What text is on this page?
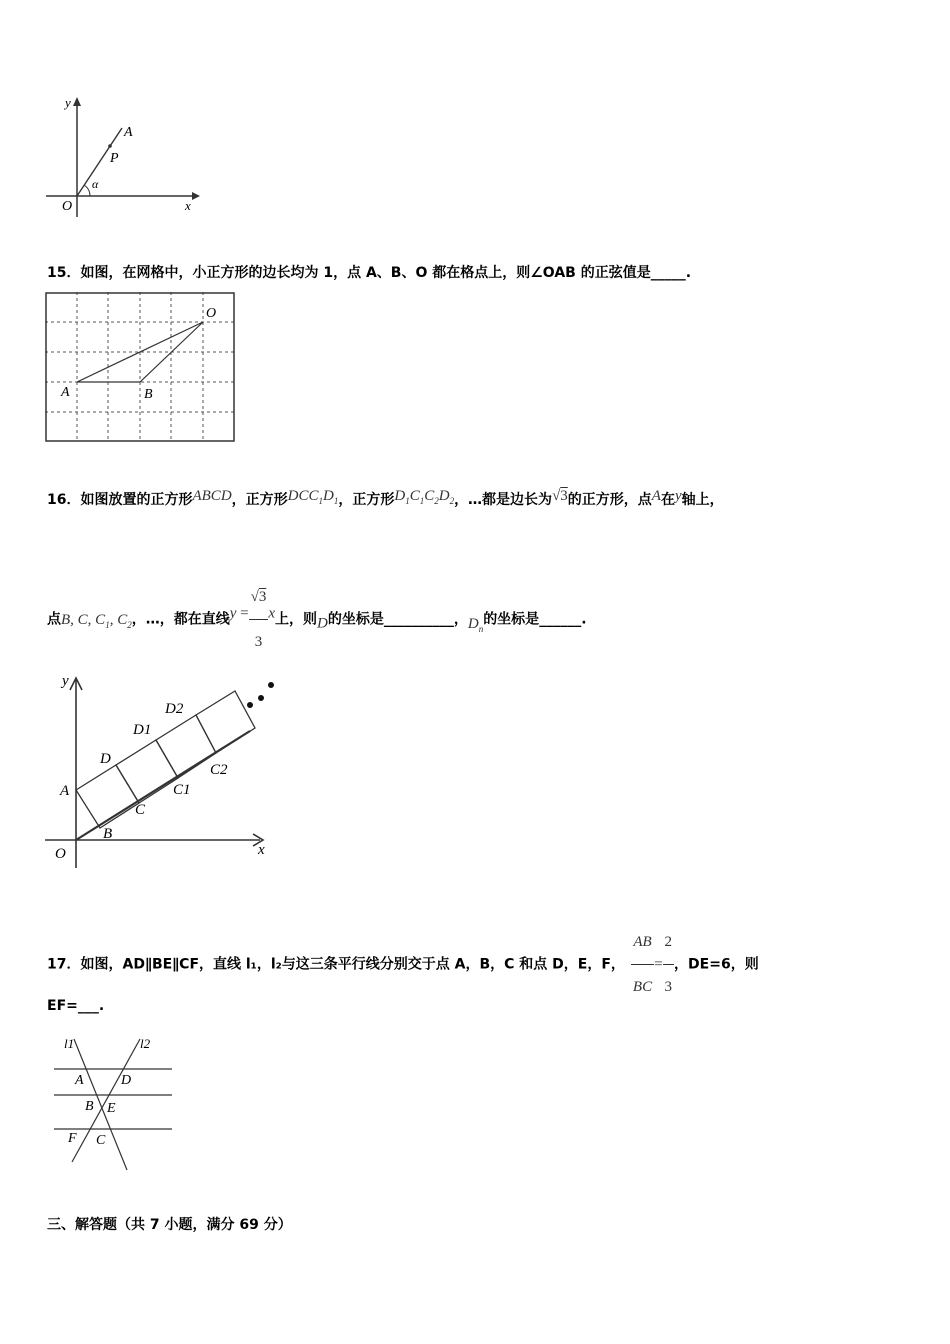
y
A
P
α
O	x
15．如图，在网格中，小正方形的边长均为 1，点 A、B、O 都在格点上，则∠OAB 的正弦值是_____.
O
A	B
16．如图放置的正方形ABCD，正方形$DCC_1D_1$，正方形$D_1C_1C_2D_2$，…都是边长为√3的正方形，点A在y轴上，
点B, C, $C_1$, $C_2$，…，都在直线$y = \frac{√3}{3}$ x上，则D的坐标是__________，$D_n$的坐标是______.
y
A
D
D1
D2
C
C1
C2
B
O	x
17．如图，AD∥BE∥CF，直线 l₁，l₂与这三条平行线分别交于点 A，B，C 和点 D，E，F， $\frac{AB}{BC} = \frac{2}{3}$ ，DE=6，则
EF=___.
l1	l2
A	D
B E
F C
三、解答题（共 7 小题，满分 69 分）
